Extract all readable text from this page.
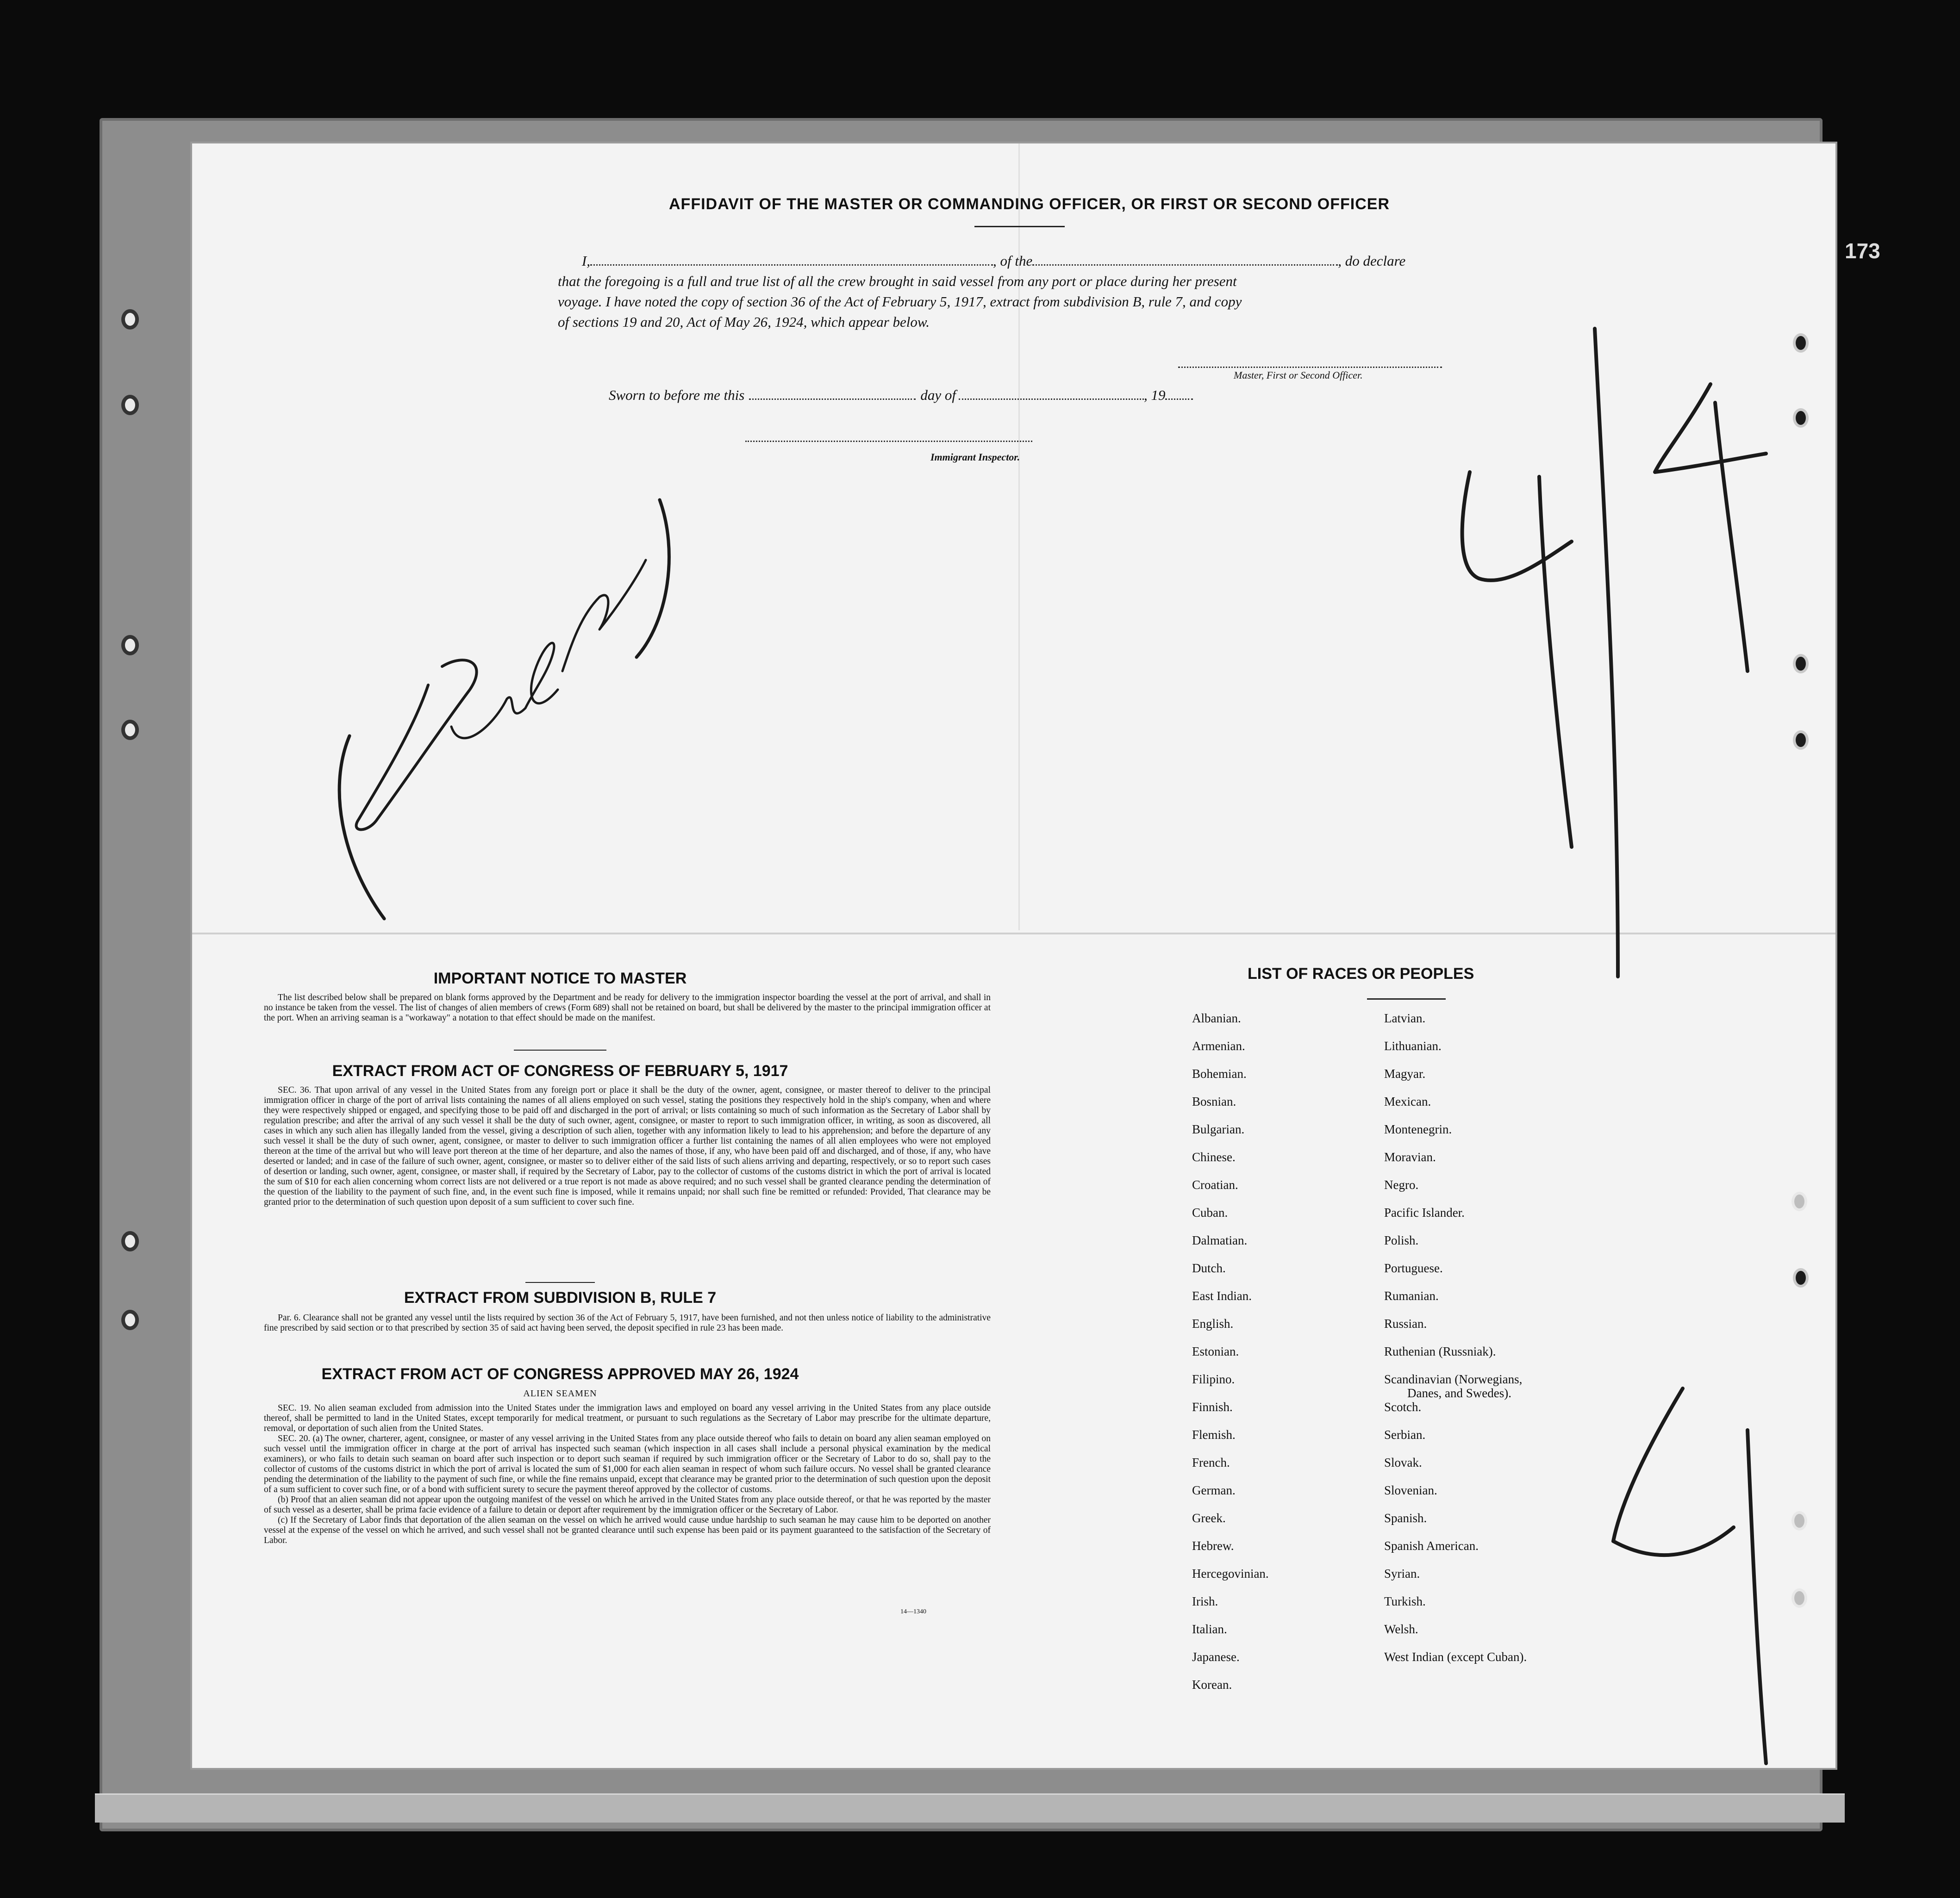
173
AFFIDAVIT OF THE MASTER OR COMMANDING OFFICER, OR FIRST OR SECOND OFFICER
I,	, of the	, do declare
that the foregoing is a full and true list of all the crew brought in said vessel from any port or place during her present
voyage. I have noted the copy of section 36 of the Act of February 5, 1917, extract from subdivision B, rule 7, and copy
of sections 19 and 20, Act of May 26, 1924, which appear below.
Master, First or Second Officer.
Sworn to before me this	day of	, 19
Immigrant Inspector.
IMPORTANT NOTICE TO MASTER
The list described below shall be prepared on blank forms approved by the Department and be ready for delivery to the immigration inspector boarding the vessel at the port of arrival, and shall in no instance be taken from the vessel. The list of changes of alien members of crews (Form 689) shall not be retained on board, but shall be delivered by the master to the principal immigration officer at the port. When an arriving seaman is a "workaway" a notation to that effect should be made on the manifest.
EXTRACT FROM ACT OF CONGRESS OF FEBRUARY 5, 1917
SEC. 36. That upon arrival of any vessel in the United States from any foreign port or place it shall be the duty of the owner, agent, consignee, or master thereof to deliver to the principal immigration officer in charge of the port of arrival lists containing the names of all aliens employed on such vessel, stating the positions they respectively hold in the ship's company, when and where they were respectively shipped or engaged, and specifying those to be paid off and discharged in the port of arrival; or lists containing so much of such information as the Secretary of Labor shall by regulation prescribe; and after the arrival of any such vessel it shall be the duty of such owner, agent, consignee, or master to report to such immigration officer, in writing, as soon as discovered, all cases in which any such alien has illegally landed from the vessel, giving a description of such alien, together with any information likely to lead to his apprehension; and before the departure of any such vessel it shall be the duty of such owner, agent, consignee, or master to deliver to such immigration officer a further list containing the names of all alien employees who were not employed thereon at the time of the arrival but who will leave port thereon at the time of her departure, and also the names of those, if any, who have been paid off and discharged, and of those, if any, who have deserted or landed; and in case of the failure of such owner, agent, consignee, or master so to deliver either of the said lists of such aliens arriving and departing, respectively, or so to report such cases of desertion or landing, such owner, agent, consignee, or master shall, if required by the Secretary of Labor, pay to the collector of customs of the customs district in which the port of arrival is located the sum of $10 for each alien concerning whom correct lists are not delivered or a true report is not made as above required; and no such vessel shall be granted clearance pending the determination of the question of the liability to the payment of such fine, and, in the event such fine is imposed, while it remains unpaid; nor shall such fine be remitted or refunded: Provided, That clearance may be granted prior to the determination of such question upon deposit of a sum sufficient to cover such fine.
EXTRACT FROM SUBDIVISION B, RULE 7
Par. 6. Clearance shall not be granted any vessel until the lists required by section 36 of the Act of February 5, 1917, have been furnished, and not then unless notice of liability to the administrative fine prescribed by said section or to that prescribed by section 35 of said act having been served, the deposit specified in rule 23 has been made.
EXTRACT FROM ACT OF CONGRESS APPROVED MAY 26, 1924
ALIEN SEAMEN
SEC. 19. No alien seaman excluded from admission into the United States under the immigration laws and employed on board any vessel arriving in the United States from any place outside thereof, shall be permitted to land in the United States, except temporarily for medical treatment, or pursuant to such regulations as the Secretary of Labor may prescribe for the ultimate departure, removal, or deportation of such alien from the United States.
SEC. 20. (a) The owner, charterer, agent, consignee, or master of any vessel arriving in the United States from any place outside thereof who fails to detain on board any alien seaman employed on such vessel until the immigration officer in charge at the port of arrival has inspected such seaman (which inspection in all cases shall include a personal physical examination by the medical examiners), or who fails to detain such seaman on board after such inspection or to deport such seaman if required by such immigration officer or the Secretary of Labor to do so, shall pay to the collector of customs of the customs district in which the port of arrival is located the sum of $1,000 for each alien seaman in respect of whom such failure occurs. No vessel shall be granted clearance pending the determination of the liability to the payment of such fine, or while the fine remains unpaid, except that clearance may be granted prior to the determination of such question upon the deposit of a sum sufficient to cover such fine, or of a bond with sufficient surety to secure the payment thereof approved by the collector of customs.
(b) Proof that an alien seaman did not appear upon the outgoing manifest of the vessel on which he arrived in the United States from any place outside thereof, or that he was reported by the master of such vessel as a deserter, shall be prima facie evidence of a failure to detain or deport after requirement by the immigration officer or the Secretary of Labor.
(c) If the Secretary of Labor finds that deportation of the alien seaman on the vessel on which he arrived would cause undue hardship to such seaman he may cause him to be deported on another vessel at the expense of the vessel on which he arrived, and such vessel shall not be granted clearance until such expense has been paid or its payment guaranteed to the satisfaction of the Secretary of Labor.
14—1340
LIST OF RACES OR PEOPLES
Albanian.
Armenian.
Bohemian.
Bosnian.
Bulgarian.
Chinese.
Croatian.
Cuban.
Dalmatian.
Dutch.
East Indian.
English.
Estonian.
Filipino.
Finnish.
Flemish.
French.
German.
Greek.
Hebrew.
Hercegovinian.
Irish.
Italian.
Japanese.
Korean.
Latvian.
Lithuanian.
Magyar.
Mexican.
Montenegrin.
Moravian.
Negro.
Pacific Islander.
Polish.
Portuguese.
Rumanian.
Russian.
Ruthenian (Russniak).
Scandinavian (Norwegians,
Danes, and Swedes).
Scotch.
Serbian.
Slovak.
Slovenian.
Spanish.
Spanish American.
Syrian.
Turkish.
Welsh.
West Indian (except Cuban).
